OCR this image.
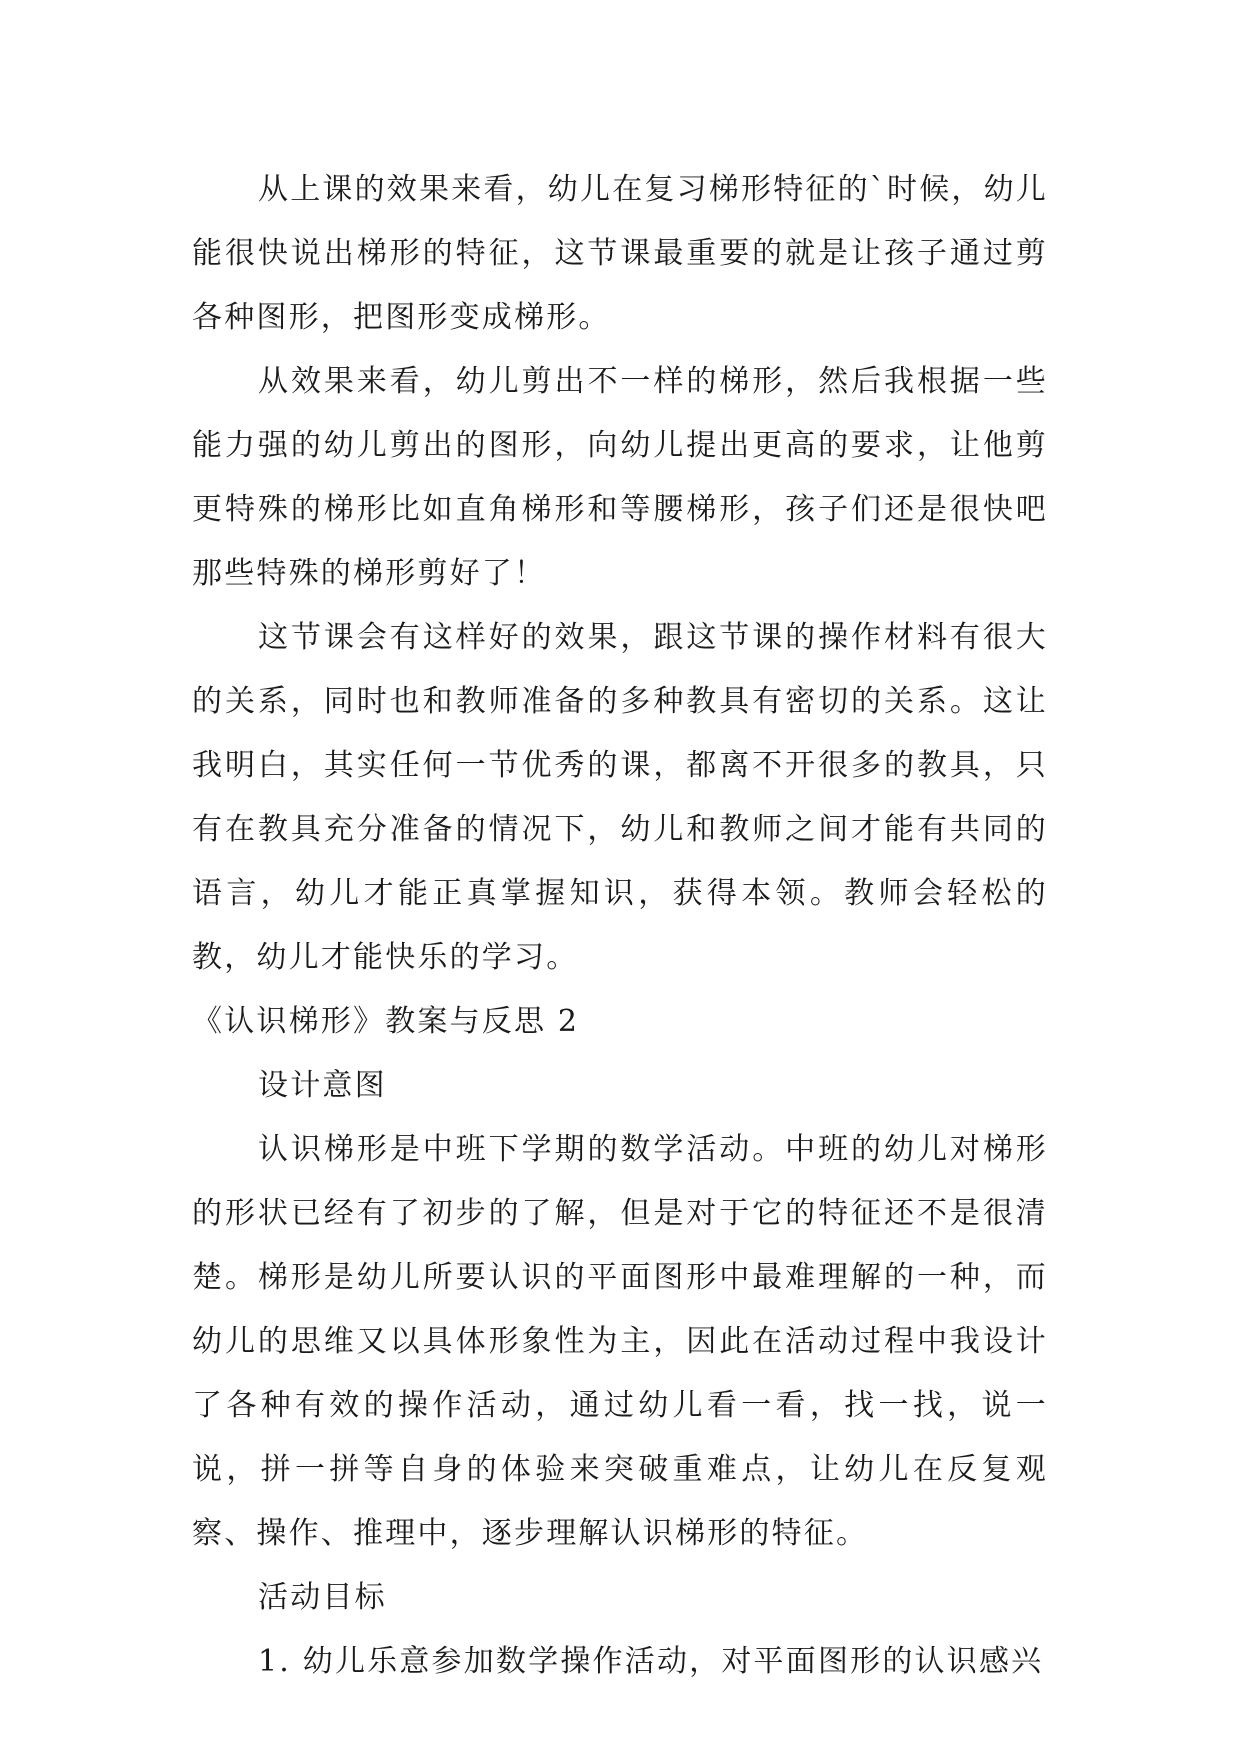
从上课的效果来看，幼儿在复习梯形特征的`时候，幼儿能很快说出梯形的特征，这节课最重要的就是让孩子通过剪各种图形，把图形变成梯形。

从效果来看，幼儿剪出不一样的梯形，然后我根据一些能力强的幼儿剪出的图形，向幼儿提出更高的要求，让他剪更特殊的梯形比如直角梯形和等腰梯形，孩子们还是很快吧那些特殊的梯形剪好了！

这节课会有这样好的效果，跟这节课的操作材料有很大的关系，同时也和教师准备的多种教具有密切的关系。这让我明白，其实任何一节优秀的课，都离不开很多的教具，只有在教具充分准备的情况下，幼儿和教师之间才能有共同的语言，幼儿才能正真掌握知识，获得本领。教师会轻松的教，幼儿才能快乐的学习。

《认识梯形》教案与反思 2

设计意图

认识梯形是中班下学期的数学活动。中班的幼儿对梯形的形状已经有了初步的了解，但是对于它的特征还不是很清楚。梯形是幼儿所要认识的平面图形中最难理解的一种，而幼儿的思维又以具体形象性为主，因此在活动过程中我设计了各种有效的操作活动，通过幼儿看一看，找一找，说一说，拼一拼等自身的体验来突破重难点，让幼儿在反复观察、操作、推理中，逐步理解认识梯形的特征。

活动目标

1. 幼儿乐意参加数学操作活动，对平面图形的认识感兴
